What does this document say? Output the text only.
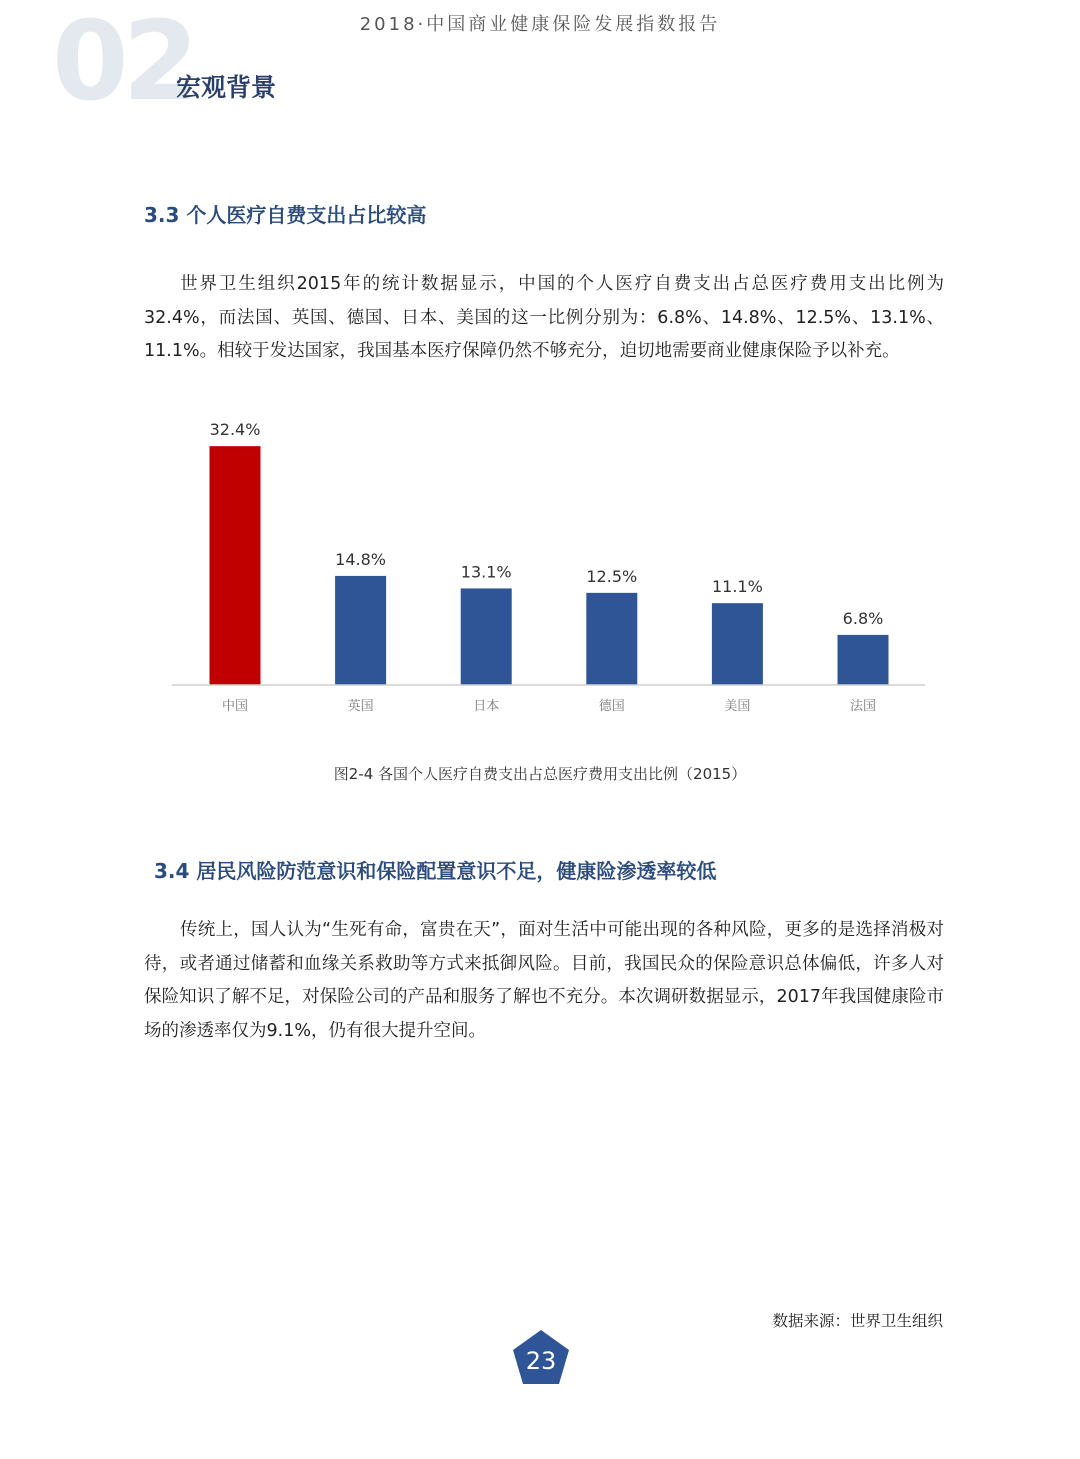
02	2018·中国商业健康保险发展指数报告
宏观背景
3.3 个人医疗自费支出占比较高
世界卫生组织2015年的统计数据显示，中国的个人医疗自费支出占总医疗费用支出比例为32.4%，而法国、英国、德国、日本、美国的这一比例分别为：6.8%、14.8%、12.5%、13.1%、11.1%。相较于发达国家，我国基本医疗保障仍然不够充分，迫切地需要商业健康保险予以补充。
32.4%
中国
14.8%
英国
13.1%
日本
12.5%
德国
11.1%
美国
6.8%
法国
图2-4 各国个人医疗自费支出占总医疗费用支出比例（2015）
3.4 居民风险防范意识和保险配置意识不足，健康险渗透率较低
传统上，国人认为“生死有命，富贵在天”，面对生活中可能出现的各种风险，更多的是选择消极对待，或者通过储蓄和血缘关系救助等方式来抵御风险。目前，我国民众的保险意识总体偏低，许多人对保险知识了解不足，对保险公司的产品和服务了解也不充分。本次调研数据显示，2017年我国健康险市场的渗透率仅为9.1%，仍有很大提升空间。
数据来源：世界卫生组织
23
